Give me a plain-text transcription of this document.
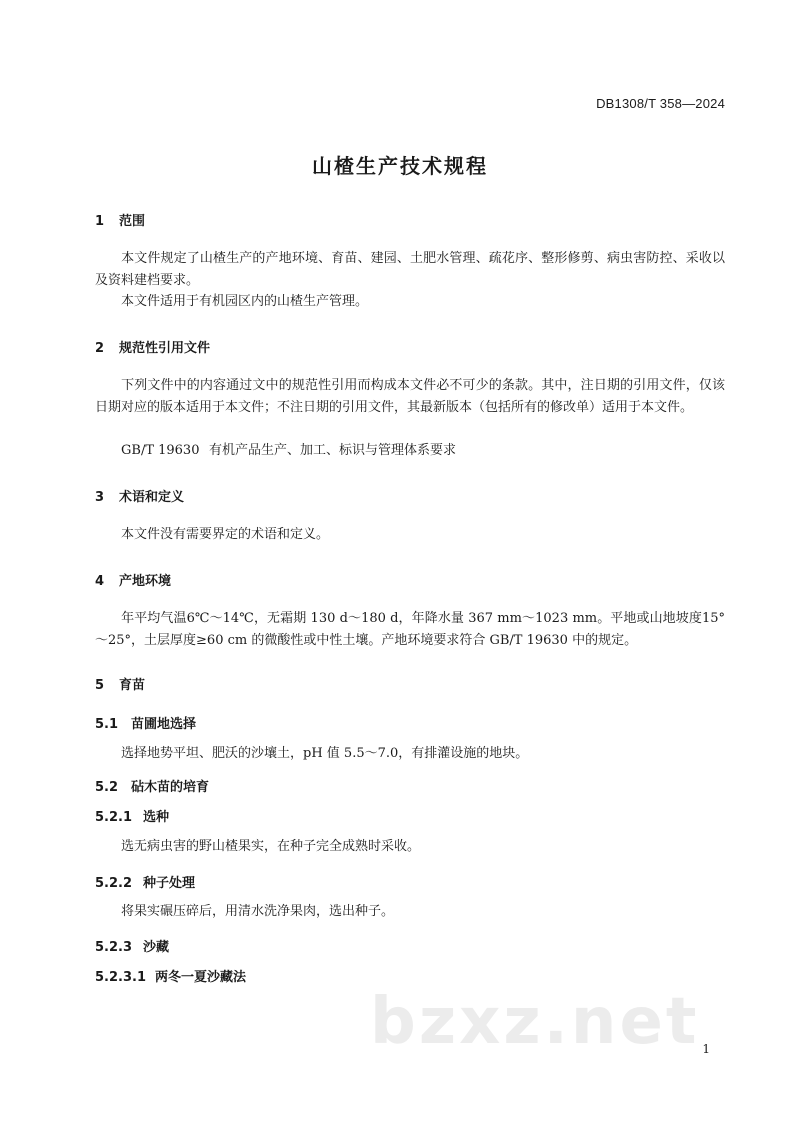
DB1308/T 358—2024
山楂生产技术规程
1 范围
本文件规定了山楂生产的产地环境、育苗、建园、土肥水管理、疏花序、整形修剪、病虫害防控、采收以及资料建档要求。
本文件适用于有机园区内的山楂生产管理。
2 规范性引用文件
下列文件中的内容通过文中的规范性引用而构成本文件必不可少的条款。其中，注日期的引用文件，仅该日期对应的版本适用于本文件；不注日期的引用文件，其最新版本（包括所有的修改单）适用于本文件。
GB/T 19630 有机产品生产、加工、标识与管理体系要求
3 术语和定义
本文件没有需要界定的术语和定义。
4 产地环境
年平均气温6℃～14℃，无霜期 130 d～180 d，年降水量 367 mm～1023 mm。平地或山地坡度15°～25°，土层厚度≥60 cm 的微酸性或中性土壤。产地环境要求符合 GB/T 19630 中的规定。
5 育苗
5.1 苗圃地选择
选择地势平坦、肥沃的沙壤土，pH 值 5.5～7.0，有排灌设施的地块。
5.2 砧木苗的培育
5.2.1 选种
选无病虫害的野山楂果实，在种子完全成熟时采收。
5.2.2 种子处理
将果实碾压碎后，用清水洗净果肉，选出种子。
5.2.3 沙藏
5.2.3.1 两冬一夏沙藏法
bzxz.net 1
